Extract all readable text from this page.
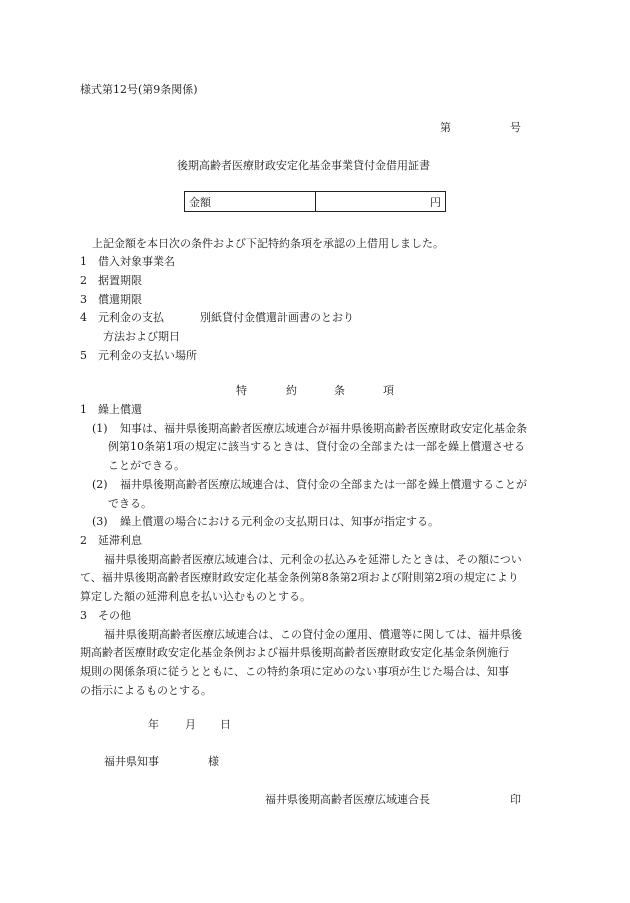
様式第12号(第9条関係)
第	号
後期高齢者医療財政安定化基金事業貸付金借用証書
金額	円
上記金額を本日次の条件および下記特約条項を承認の上借用しました。
1 借入対象事業名
2 据置期限
3 償還期限
4 元利金の支払	別紙貸付金償還計画書のとおり
方法および期日
5 元利金の支払い場所
特	約	条	項
1 繰上償還
(1) 知事は、福井県後期高齢者医療広域連合が福井県後期高齢者医療財政安定化基金条
例第10条第1項の規定に該当するときは、貸付金の全部または一部を繰上償還させる
ことができる。
(2) 福井県後期高齢者医療広域連合は、貸付金の全部または一部を繰上償還することが
できる。
(3) 繰上償還の場合における元利金の支払期日は、知事が指定する。
2 延滞利息
福井県後期高齢者医療広域連合は、元利金の払込みを延滞したときは、その額につい
て、福井県後期高齢者医療財政安定化基金条例第8条第2項および附則第2項の規定により
算定した額の延滞利息を払い込むものとする。
3 その他
福井県後期高齢者医療広域連合は、この貸付金の運用、償還等に関しては、福井県後
期高齢者医療財政安定化基金条例および福井県後期高齢者医療財政安定化基金条例施行
規則の関係条項に従うとともに、この特約条項に定めのない事項が生じた場合は、知事
の指示によるものとする。
年 月 日
福井県知事	様
福井県後期高齢者医療広域連合長	印
